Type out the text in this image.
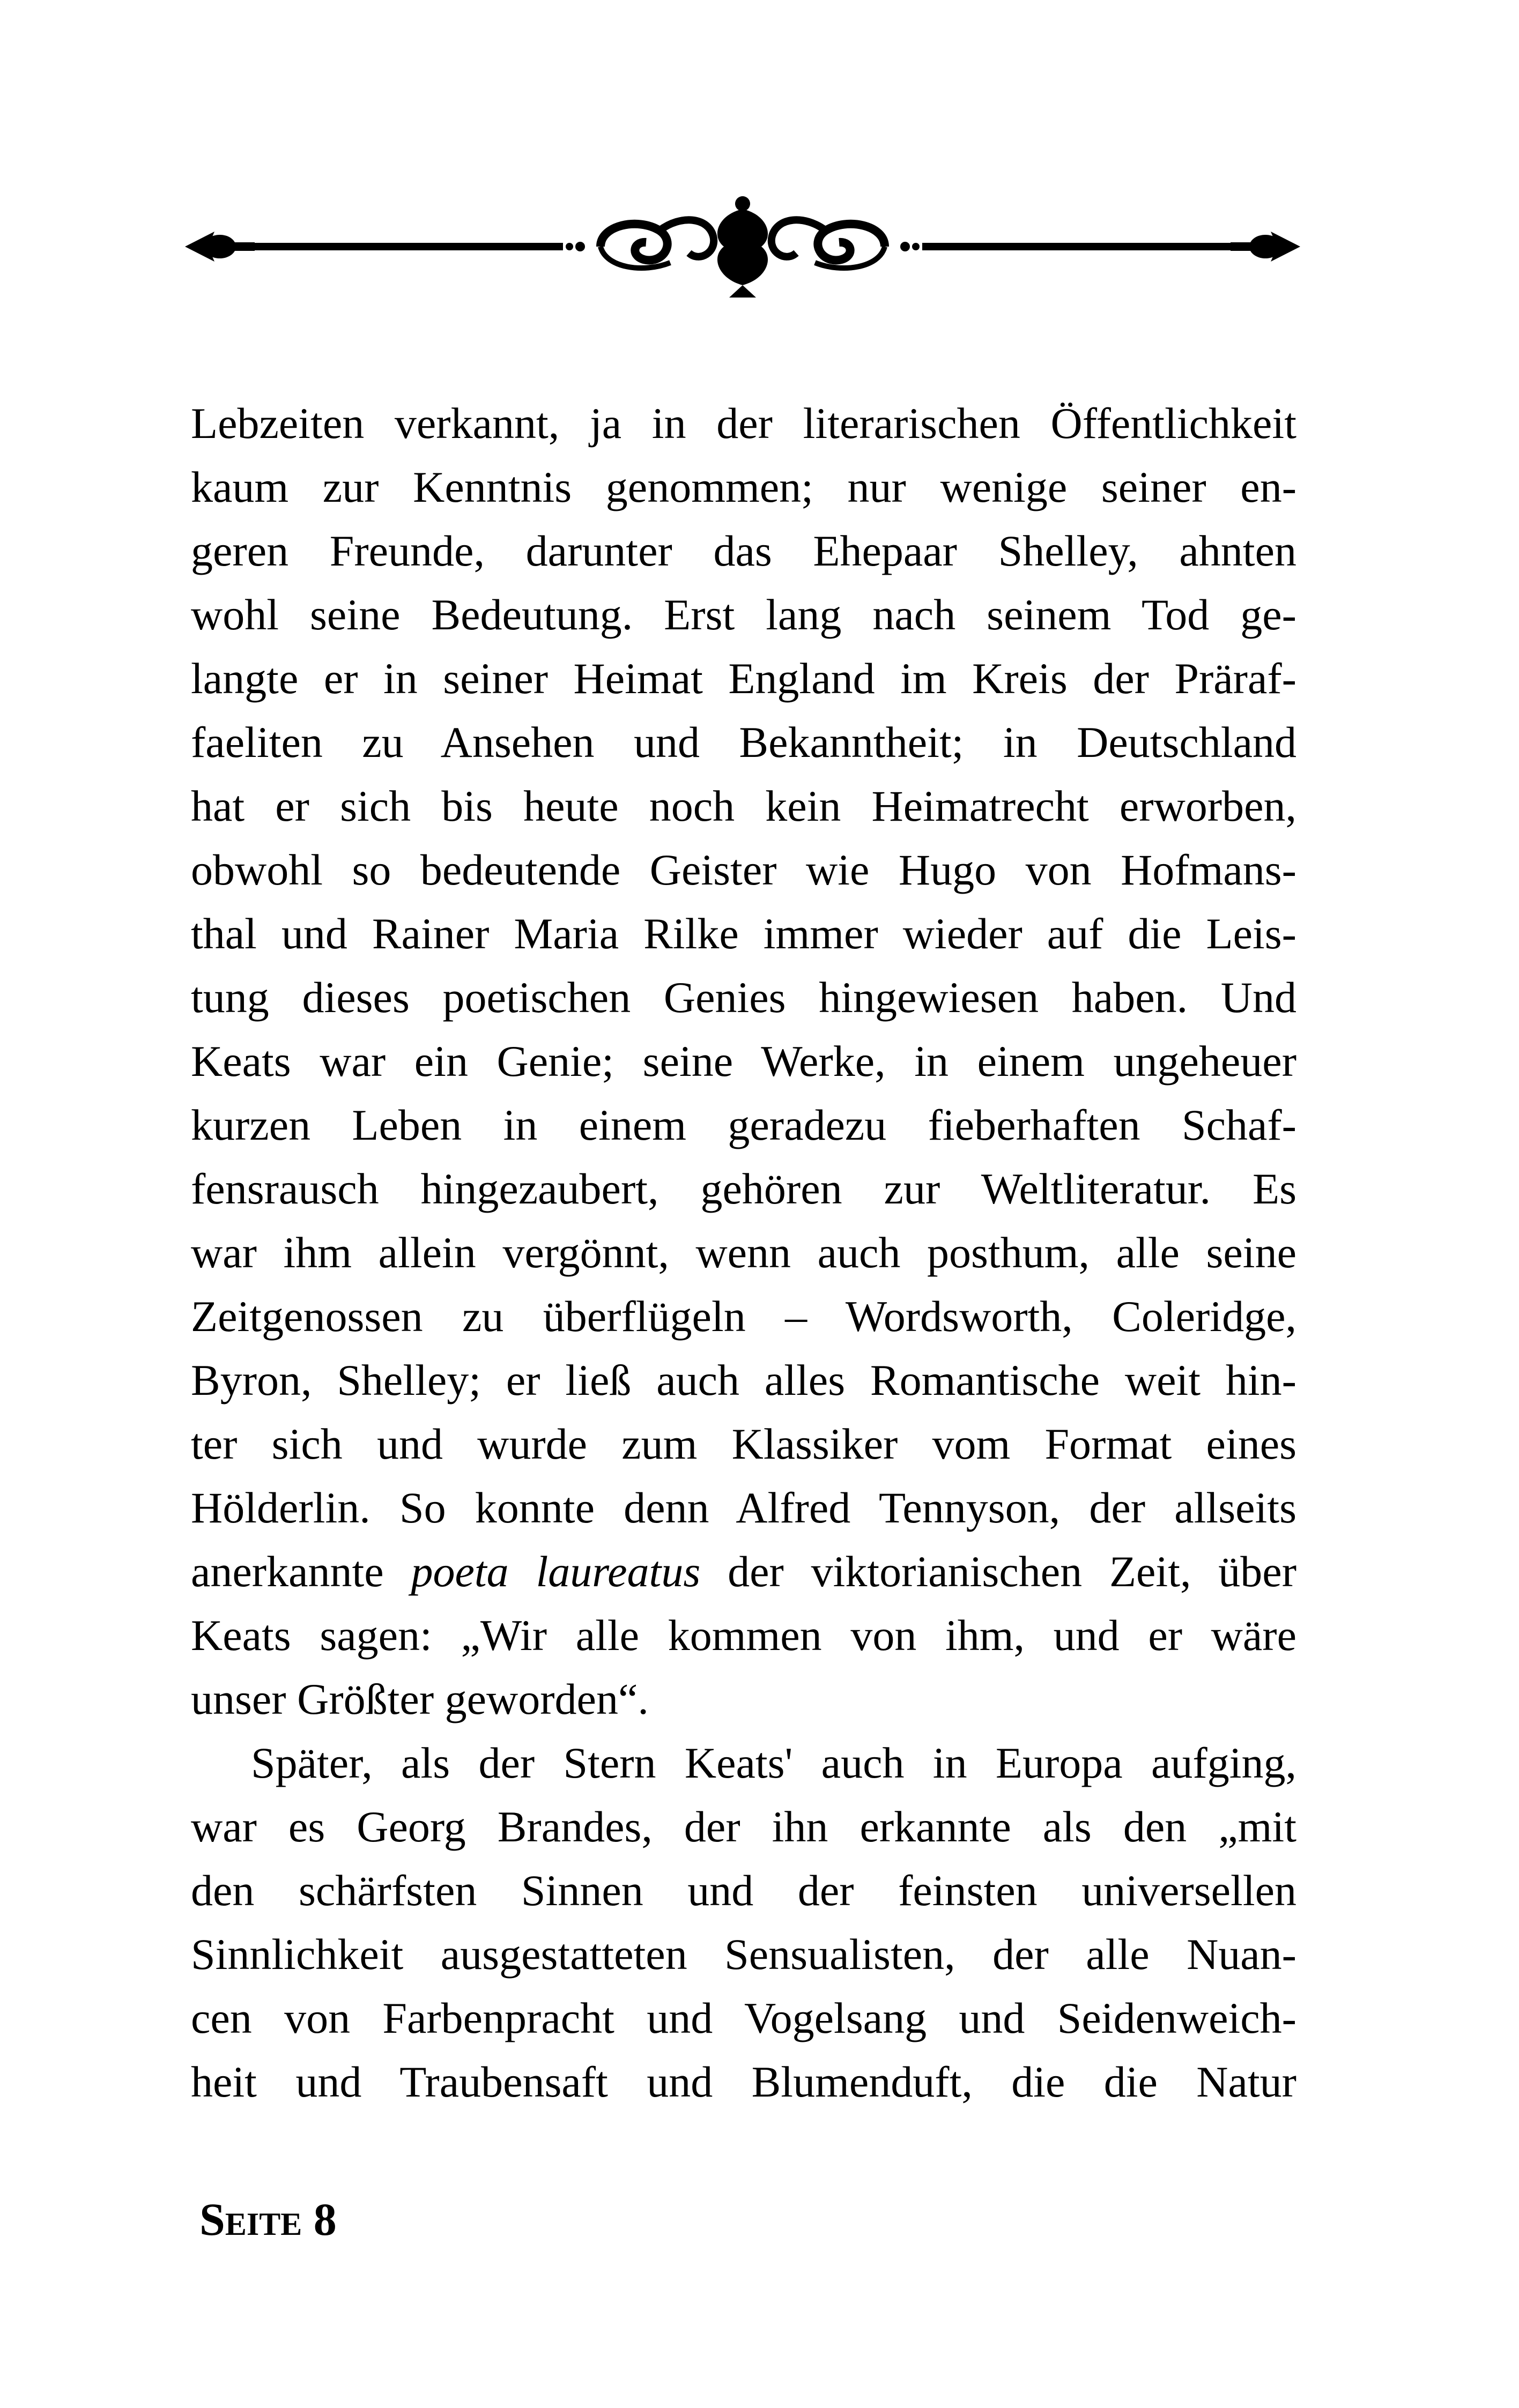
Lebzeiten verkannt, ja in der literarischen Öffentlichkeit
kaum zur Kenntnis genommen; nur wenige seiner en-
geren Freunde, darunter das Ehepaar Shelley, ahnten
wohl seine Bedeutung. Erst lang nach seinem Tod ge-
langte er in seiner Heimat England im Kreis der Präraf-
faeliten zu Ansehen und Bekanntheit; in Deutschland
hat er sich bis heute noch kein Heimatrecht erworben,
obwohl so bedeutende Geister wie Hugo von Hofmans-
thal und Rainer Maria Rilke immer wieder auf die Leis-
tung dieses poetischen Genies hingewiesen haben. Und
Keats war ein Genie; seine Werke, in einem ungeheuer
kurzen Leben in einem geradezu fieberhaften Schaf-
fensrausch hingezaubert, gehören zur Weltliteratur. Es
war ihm allein vergönnt, wenn auch posthum, alle seine
Zeitgenossen zu überflügeln – Wordsworth, Coleridge,
Byron, Shelley; er ließ auch alles Romantische weit hin-
ter sich und wurde zum Klassiker vom Format eines
Hölderlin. So konnte denn Alfred Tennyson, der allseits
anerkannte poeta laureatus der viktorianischen Zeit, über
Keats sagen: „Wir alle kommen von ihm, und er wäre
unser Größter geworden“.
Später, als der Stern Keats' auch in Europa aufging,
war es Georg Brandes, der ihn erkannte als den „mit
den schärfsten Sinnen und der feinsten universellen
Sinnlichkeit ausgestatteten Sensualisten, der alle Nuan-
cen von Farbenpracht und Vogelsang und Seidenweich-
heit und Traubensaft und Blumenduft, die die Natur
Seite 8
